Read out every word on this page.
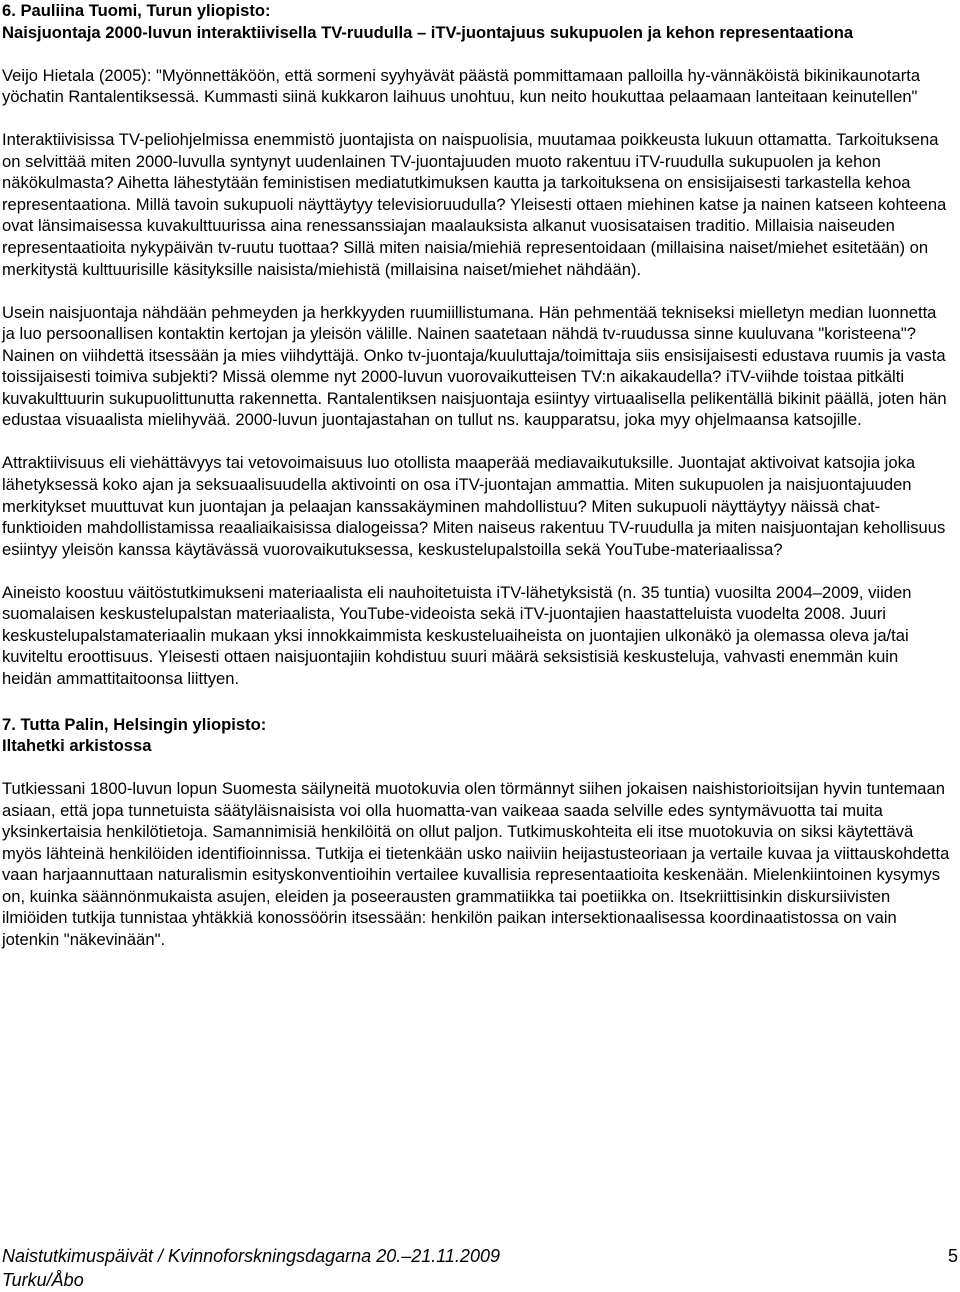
6. Pauliina Tuomi, Turun yliopisto:
Naisjuontaja 2000-luvun interaktiivisella TV-ruudulla – iTV-juontajuus sukupuolen ja kehon representaationa

Veijo Hietala (2005): "Myönnettäköön, että sormeni syyhyävät päästä pommittamaan palloilla hy-vännäköistä bikinikaunotarta yöchatin Rantalentiksessä. Kummasti siinä kukkaron laihuus unohtuu, kun neito houkuttaa pelaamaan lanteitaan keinutellen"

Interaktiivisissa TV-peliohjelmissa enemmistö juontajista on naispuolisia, muutamaa poikkeusta lukuun ottamatta. Tarkoituksena on selvittää miten 2000-luvulla syntynyt uudenlainen TV-juontajuuden muoto rakentuu iTV-ruudulla sukupuolen ja kehon näkökulmasta? Aihetta lähestytään feministisen mediatutkimuksen kautta ja tarkoituksena on ensisijaisesti tarkastella kehoa representaationa. Millä tavoin sukupuoli näyttäytyy televisioruudulla? Yleisesti ottaen miehinen katse ja nainen katseen kohteena ovat länsimaisessa kuvakulttuurissa aina renessanssiajan maalauksista alkanut vuosisataisen traditio. Millaisia naiseuden representaatioita nykypäivän tv-ruutu tuottaa? Sillä miten naisia/miehiä representoidaan (millaisina naiset/miehet esitetään) on merkitystä kulttuurisille käsityksille naisista/miehistä (millaisina naiset/miehet nähdään).

Usein naisjuontaja nähdään pehmeyden ja herkkyyden ruumiillistumana. Hän pehmentää tekniseksi mielletyn median luonnetta ja luo persoonallisen kontaktin kertojan ja yleisön välille. Nainen saatetaan nähdä tv-ruudussa sinne kuuluvana "koristeena"? Nainen on viihdettä itsessään ja mies viihdyttäjä. Onko tv-juontaja/kuuluttaja/toimittaja siis ensisijaisesti edustava ruumis ja vasta toissijaisesti toimiva subjekti? Missä olemme nyt 2000-luvun vuorovaikutteisen TV:n aikakaudella? iTV-viihde toistaa pitkälti kuvakulttuurin sukupuolittunutta rakennetta. Rantalentiksen naisjuontaja esiintyy virtuaalisella pelikentällä bikinit päällä, joten hän edustaa visuaalista mielihyvää. 2000-luvun juontajastahan on tullut ns. kaupparatsu, joka myy ohjelmaansa katsojille.

Attraktiivisuus eli viehättävyys tai vetovoimaisuus luo otollista maaperää mediavaikutuksille. Juontajat aktivoivat katsojia joka lähetyksessä koko ajan ja seksuaalisuudella aktivointi on osa iTV-juontajan ammattia. Miten sukupuolen ja naisjuontajuuden merkitykset muuttuvat kun juontajan ja pelaajan kanssakäyminen mahdollistuu? Miten sukupuoli näyttäytyy näissä chat-funktioiden mahdollistamissa reaaliaikaisissa dialogeissa? Miten naiseus rakentuu TV-ruudulla ja miten naisjuontajan kehollisuus esiintyy yleisön kanssa käytävässä vuorovaikutuksessa, keskustelupalstoilla sekä YouTube-materiaalissa?

Aineisto koostuu väitöstutkimukseni materiaalista eli nauhoitetuista iTV-lähetyksistä (n. 35 tuntia) vuosilta 2004–2009, viiden suomalaisen keskustelupalstan materiaalista, YouTube-videoista sekä iTV-juontajien haastatteluista vuodelta 2008. Juuri keskustelupalstamateriaalin mukaan yksi innokkaimmista keskusteluaiheista on juontajien ulkonäkö ja olemassa oleva ja/tai kuviteltu eroottisuus. Yleisesti ottaen naisjuontajiin kohdistuu suuri määrä seksistisiä keskusteluja, vahvasti enemmän kuin heidän ammattitaitoonsa liittyen.

7. Tutta Palin, Helsingin yliopisto:
Iltahetki arkistossa

Tutkiessani 1800-luvun lopun Suomesta säilyneitä muotokuvia olen törmännyt siihen jokaisen naishistorioitsijan hyvin tuntemaan asiaan, että jopa tunnetuista säätyläisnaisista voi olla huomatta-van vaikeaa saada selville edes syntymävuotta tai muita yksinkertaisia henkilötietoja. Samannimisiä henkilöitä on ollut paljon. Tutkimuskohteita eli itse muotokuvia on siksi käytettävä myös lähteinä henkilöiden identifioinnissa. Tutkija ei tietenkään usko naiiviin heijastusteoriaan ja vertaile kuvaa ja viittauskohdetta vaan harjaannuttaan naturalismin esityskonventioihin vertailee kuvallisia representaatioita keskenään. Mielenkiintoinen kysymys on, kuinka säännönmukaista asujen, eleiden ja poseerausten grammatiikka tai poetiikka on. Itsekriittisinkin diskursiivisten ilmiöiden tutkija tunnistaa yhtäkkiä konossöörin itsessään: henkilön paikan intersektionaalisessa koordinaatistossa on vain jotenkin "näkevinään".

Naistutkimuspäivät / Kvinnoforskningsdagarna 20.–21.11.2009
Turku/Åbo
5
